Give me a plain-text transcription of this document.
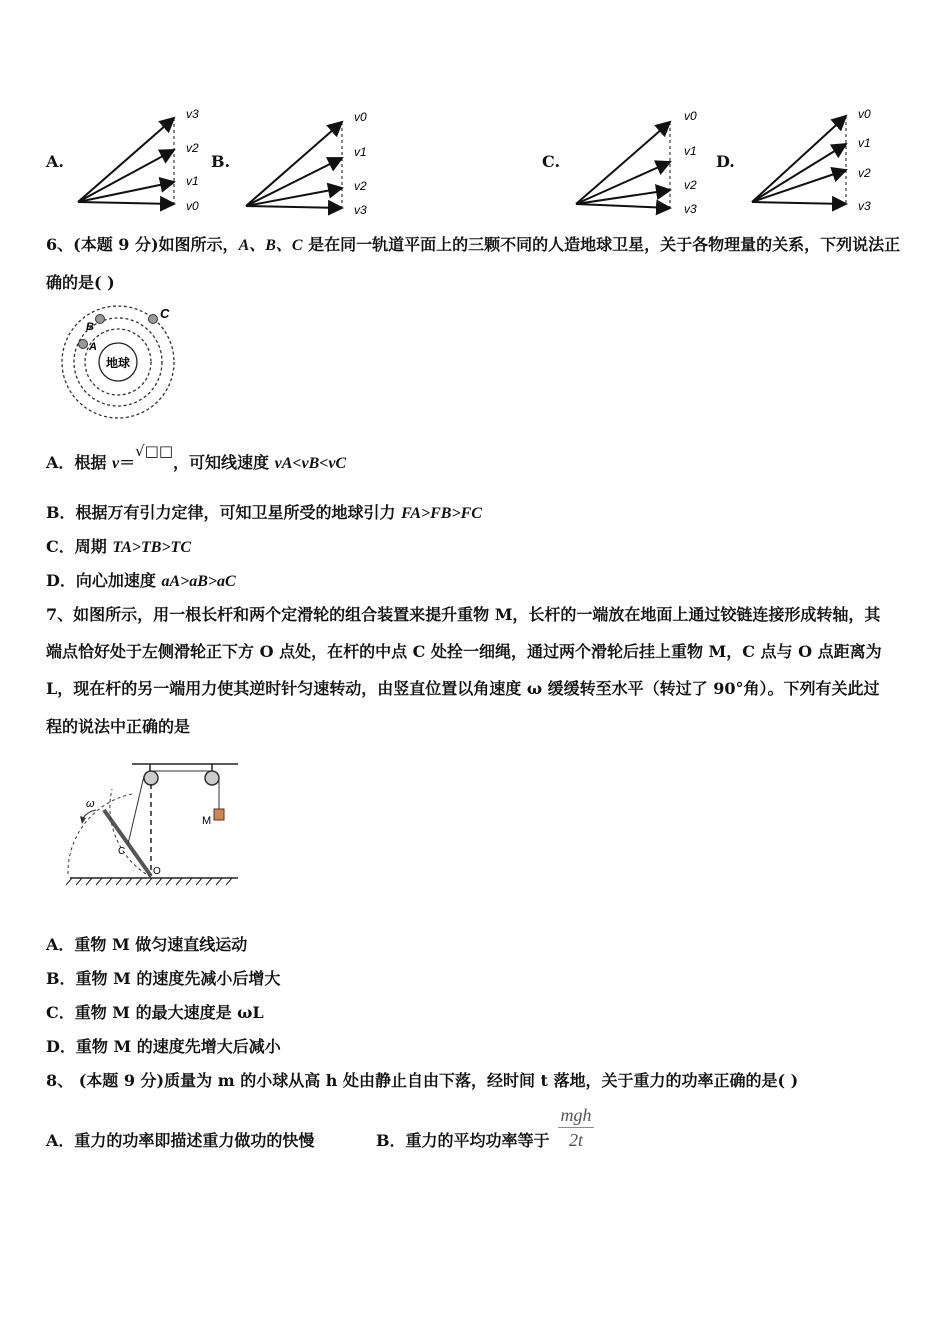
A.
v3
v2
v1
v0
B.
v0
v1
v2
v3
C.
v0
v1
v2
v3
D.
v0
v1
v2
v3
6、(本题 9 分)如图所示，A、B、C 是在同一轨道平面上的三颗不同的人造地球卫星，关于各物理量的关系，下列说法正
确的是( )
地球
A
B
C
A．根据 v＝√□□，可知线速度 vA<vB<vC
B．根据万有引力定律，可知卫星所受的地球引力 FA>FB>FC
C．周期 TA>TB>TC
D．向心加速度 aA>aB>aC
7、如图所示，用一根长杆和两个定滑轮的组合装置来提升重物 M，长杆的一端放在地面上通过铰链连接形成转轴，其
端点恰好处于左侧滑轮正下方 O 点处，在杆的中点 C 处拴一细绳，通过两个滑轮后挂上重物 M，C 点与 O 点距离为
L，现在杆的另一端用力使其逆时针匀速转动，由竖直位置以角速度 ω 缓缓转至水平（转过了 90°角）。下列有关此过
程的说法中正确的是
M
ω
C
O
A．重物 M 做匀速直线运动
B．重物 M 的速度先减小后增大
C．重物 M 的最大速度是 ωL
D．重物 M 的速度先增大后减小
8、 (本题 9 分)质量为 m 的小球从高 h 处由静止自由下落，经时间 t 落地，关于重力的功率正确的是( )
A．重力的功率即描述重力做功的快慢	B．重力的平均功率等于
mgh
2t
